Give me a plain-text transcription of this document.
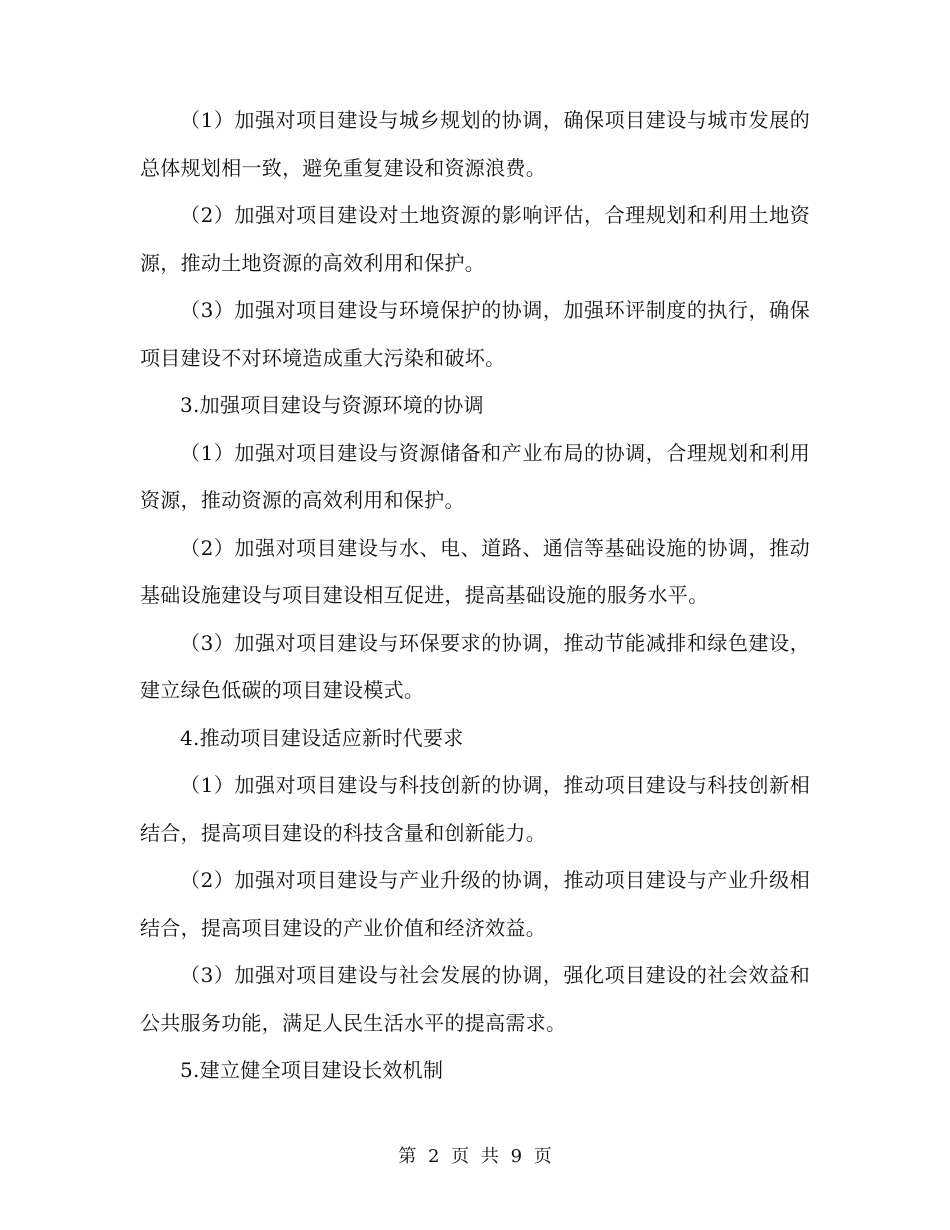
（1）加强对项目建设与城乡规划的协调，确保项目建设与城市发展的总体规划相一致，避免重复建设和资源浪费。

（2）加强对项目建设对土地资源的影响评估，合理规划和利用土地资源，推动土地资源的高效利用和保护。

（3）加强对项目建设与环境保护的协调，加强环评制度的执行，确保项目建设不对环境造成重大污染和破坏。

3.加强项目建设与资源环境的协调

（1）加强对项目建设与资源储备和产业布局的协调，合理规划和利用资源，推动资源的高效利用和保护。

（2）加强对项目建设与水、电、道路、通信等基础设施的协调，推动基础设施建设与项目建设相互促进，提高基础设施的服务水平。

（3）加强对项目建设与环保要求的协调，推动节能减排和绿色建设，建立绿色低碳的项目建设模式。

4.推动项目建设适应新时代要求

（1）加强对项目建设与科技创新的协调，推动项目建设与科技创新相结合，提高项目建设的科技含量和创新能力。

（2）加强对项目建设与产业升级的协调，推动项目建设与产业升级相结合，提高项目建设的产业价值和经济效益。

（3）加强对项目建设与社会发展的协调，强化项目建设的社会效益和公共服务功能，满足人民生活水平的提高需求。

5.建立健全项目建设长效机制

第 2 页 共 9 页
